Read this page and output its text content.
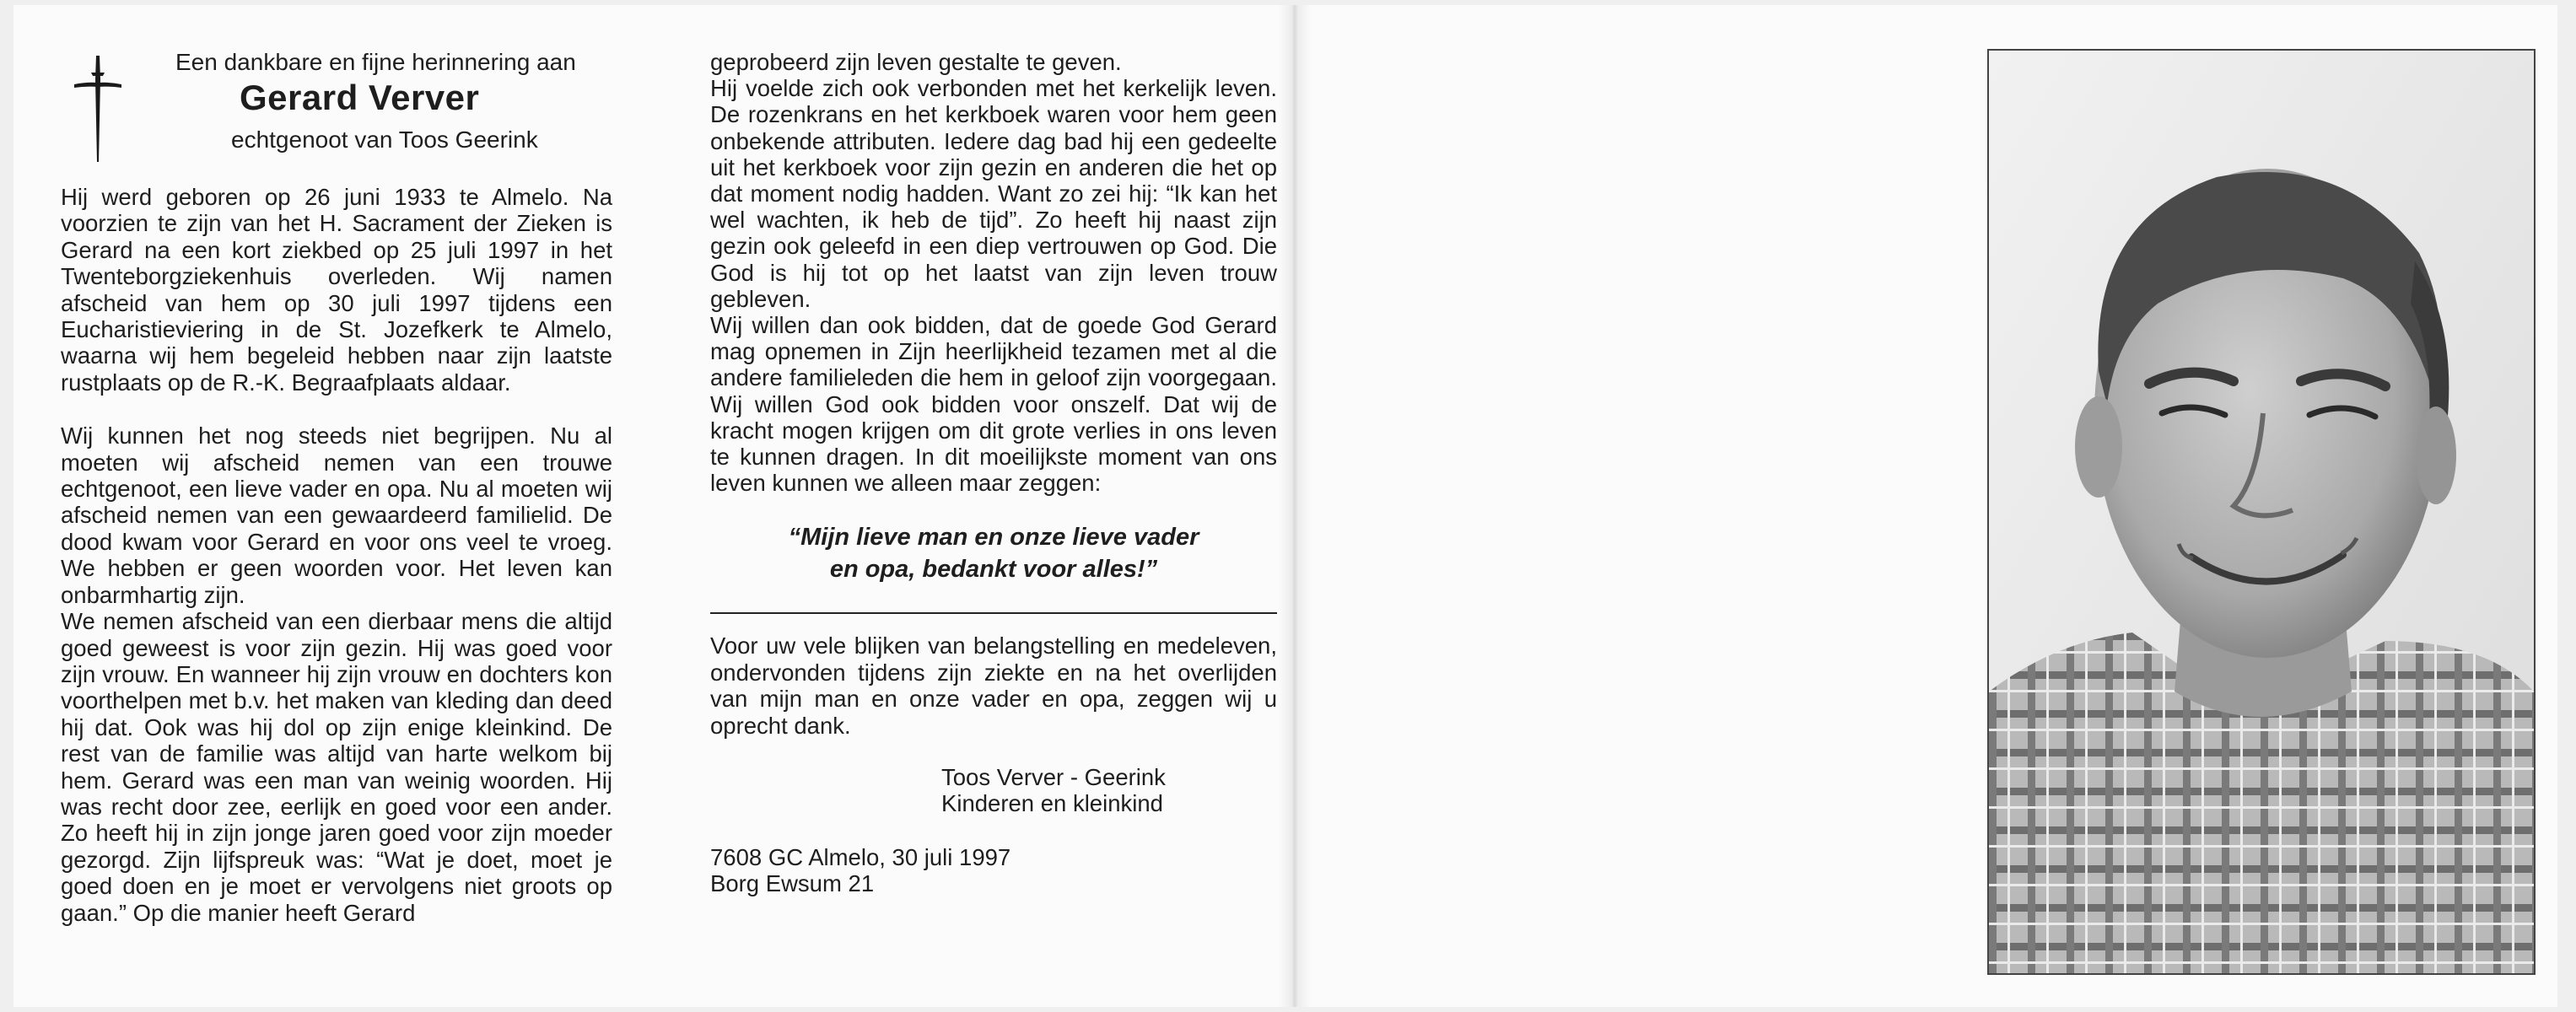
Een dankbare en fijne herinnering aan
Gerard Verver
echtgenoot van Toos Geerink

Hij werd geboren op 26 juni 1933 te Almelo. Na voorzien te zijn van het H. Sacrament der Zieken is Gerard na een kort ziekbed op 25 juli 1997 in het Twenteborgziekenhuis overleden. Wij namen afscheid van hem op 30 juli 1997 tijdens een Eucharistieviering in de St. Jozefkerk te Almelo, waarna wij hem begeleid hebben naar zijn laatste rustplaats op de R.-K. Begraafplaats aldaar.

Wij kunnen het nog steeds niet begrijpen. Nu al moeten wij afscheid nemen van een trouwe echtgenoot, een lieve vader en opa. Nu al moeten wij afscheid nemen van een gewaardeerd familielid. De dood kwam voor Gerard en voor ons veel te vroeg. We hebben er geen woorden voor. Het leven kan onbarmhartig zijn.

We nemen afscheid van een dierbaar mens die altijd goed geweest is voor zijn gezin. Hij was goed voor zijn vrouw. En wanneer hij zijn vrouw en dochters kon voorthelpen met b.v. het maken van kleding dan deed hij dat. Ook was hij dol op zijn enige kleinkind. De rest van de familie was altijd van harte welkom bij hem. Gerard was een man van weinig woorden. Hij was recht door zee, eerlijk en goed voor een ander. Zo heeft hij in zijn jonge jaren goed voor zijn moeder gezorgd. Zijn lijfspreuk was: “Wat je doet, moet je goed doen en je moet er vervolgens niet groots op gaan.” Op die manier heeft Gerard

geprobeerd zijn leven gestalte te geven.

Hij voelde zich ook verbonden met het kerkelijk leven. De rozenkrans en het kerkboek waren voor hem geen onbekende attributen. Iedere dag bad hij een gedeelte uit het kerkboek voor zijn gezin en anderen die het op dat moment nodig hadden. Want zo zei hij: “Ik kan het wel wachten, ik heb de tijd”. Zo heeft hij naast zijn gezin ook geleefd in een diep vertrouwen op God. Die God is hij tot op het laatst van zijn leven trouw gebleven.

Wij willen dan ook bidden, dat de goede God Gerard mag opnemen in Zijn heerlijkheid tezamen met al die andere familieleden die hem in geloof zijn voorgegaan. Wij willen God ook bidden voor onszelf. Dat wij de kracht mogen krijgen om dit grote verlies in ons leven te kunnen dragen. In dit moeilijkste moment van ons leven kunnen we alleen maar zeggen:

“Mijn lieve man en onze lieve vader
en opa, bedankt voor alles!”

Voor uw vele blijken van belangstelling en medeleven, ondervonden tijdens zijn ziekte en na het overlijden van mijn man en onze vader en opa, zeggen wij u oprecht dank.

Toos Verver - Geerink
Kinderen en kleinkind
7608 GC Almelo, 30 juli 1997
Borg Ewsum 21
